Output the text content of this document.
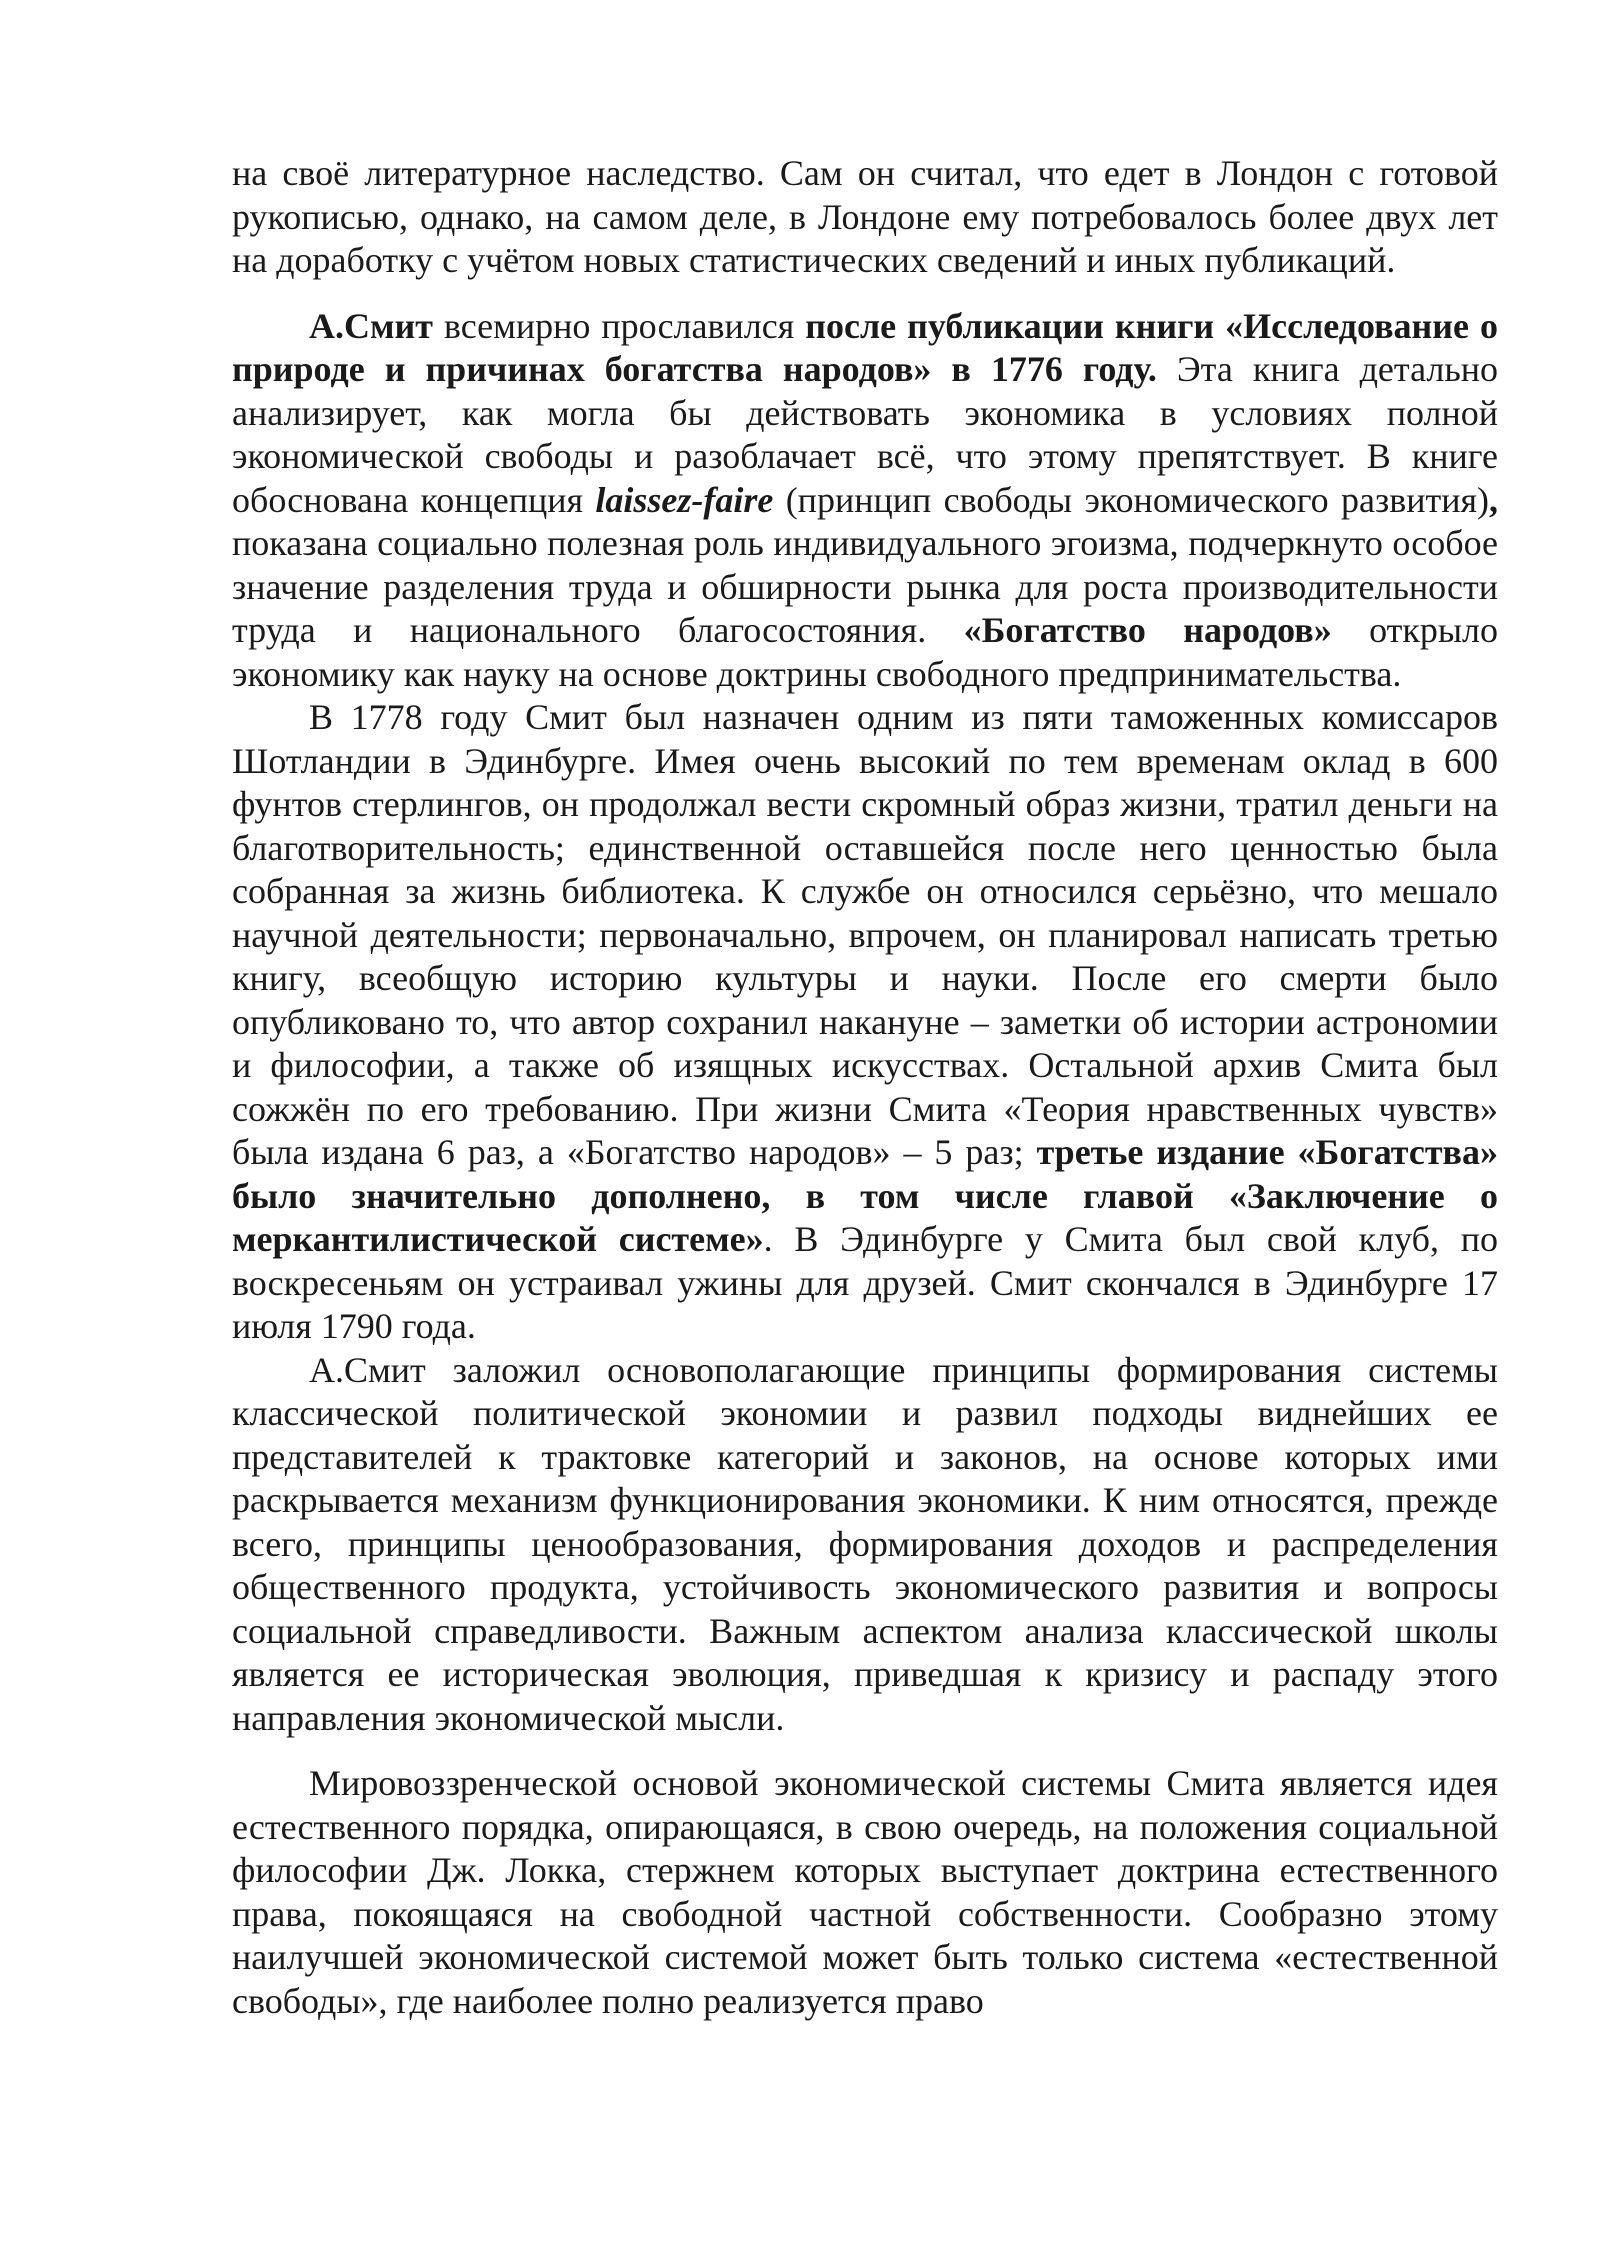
на своё литературное наследство. Сам он считал, что едет в Лондон с готовой рукописью, однако, на самом деле, в Лондоне ему потребовалось более двух лет на доработку с учётом новых статистических сведений и иных публикаций.

А.Смит всемирно прославился после публикации книги «Исследование о природе и причинах богатства народов» в 1776 году. Эта книга детально анализирует, как могла бы действовать экономика в условиях полной экономической свободы и разоблачает всё, что этому препятствует. В книге обоснована концепция laissez-faire (принцип свободы экономического развития), показана социально полезная роль индивидуального эгоизма, подчеркнуто особое значение разделения труда и обширности рынка для роста производительности труда и национального благосостояния. «Богатство народов» открыло экономику как науку на основе доктрины свободного предпринимательства.

В 1778 году Смит был назначен одним из пяти таможенных комиссаров Шотландии в Эдинбурге. Имея очень высокий по тем временам оклад в 600 фунтов стерлингов, он продолжал вести скромный образ жизни, тратил деньги на благотворительность; единственной оставшейся после него ценностью была собранная за жизнь библиотека. К службе он относился серьёзно, что мешало научной деятельности; первоначально, впрочем, он планировал написать третью книгу, всеобщую историю культуры и науки. После его смерти было опубликовано то, что автор сохранил накануне – заметки об истории астрономии и философии, а также об изящных искусствах. Остальной архив Смита был сожжён по его требованию. При жизни Смита «Теория нравственных чувств» была издана 6 раз, а «Богатство народов» – 5 раз; третье издание «Богатства» было значительно дополнено, в том числе главой «Заключение о меркантилистической системе». В Эдинбурге у Смита был свой клуб, по воскресеньям он устраивал ужины для друзей. Смит скончался в Эдинбурге 17 июля 1790 года.

А.Смит заложил основополагающие принципы формирования системы классической политической экономии и развил подходы виднейших ее представителей к трактовке категорий и законов, на основе которых ими раскрывается механизм функционирования экономики. К ним относятся, прежде всего, принципы ценообразования, формирования доходов и распределения общественного продукта, устойчивость экономического развития и вопросы социальной справедливости. Важным аспектом анализа классической школы является ее историческая эволюция, приведшая к кризису и распаду этого направления экономической мысли.

Мировоззренческой основой экономической системы Смита является идея естественного порядка, опирающаяся, в свою очередь, на положения социальной философии Дж. Локка, стержнем которых выступает доктрина естественного права, покоящаяся на свободной частной собственности. Сообразно этому наилучшей экономической системой может быть только система «естественной свободы», где наиболее полно реализуется право
